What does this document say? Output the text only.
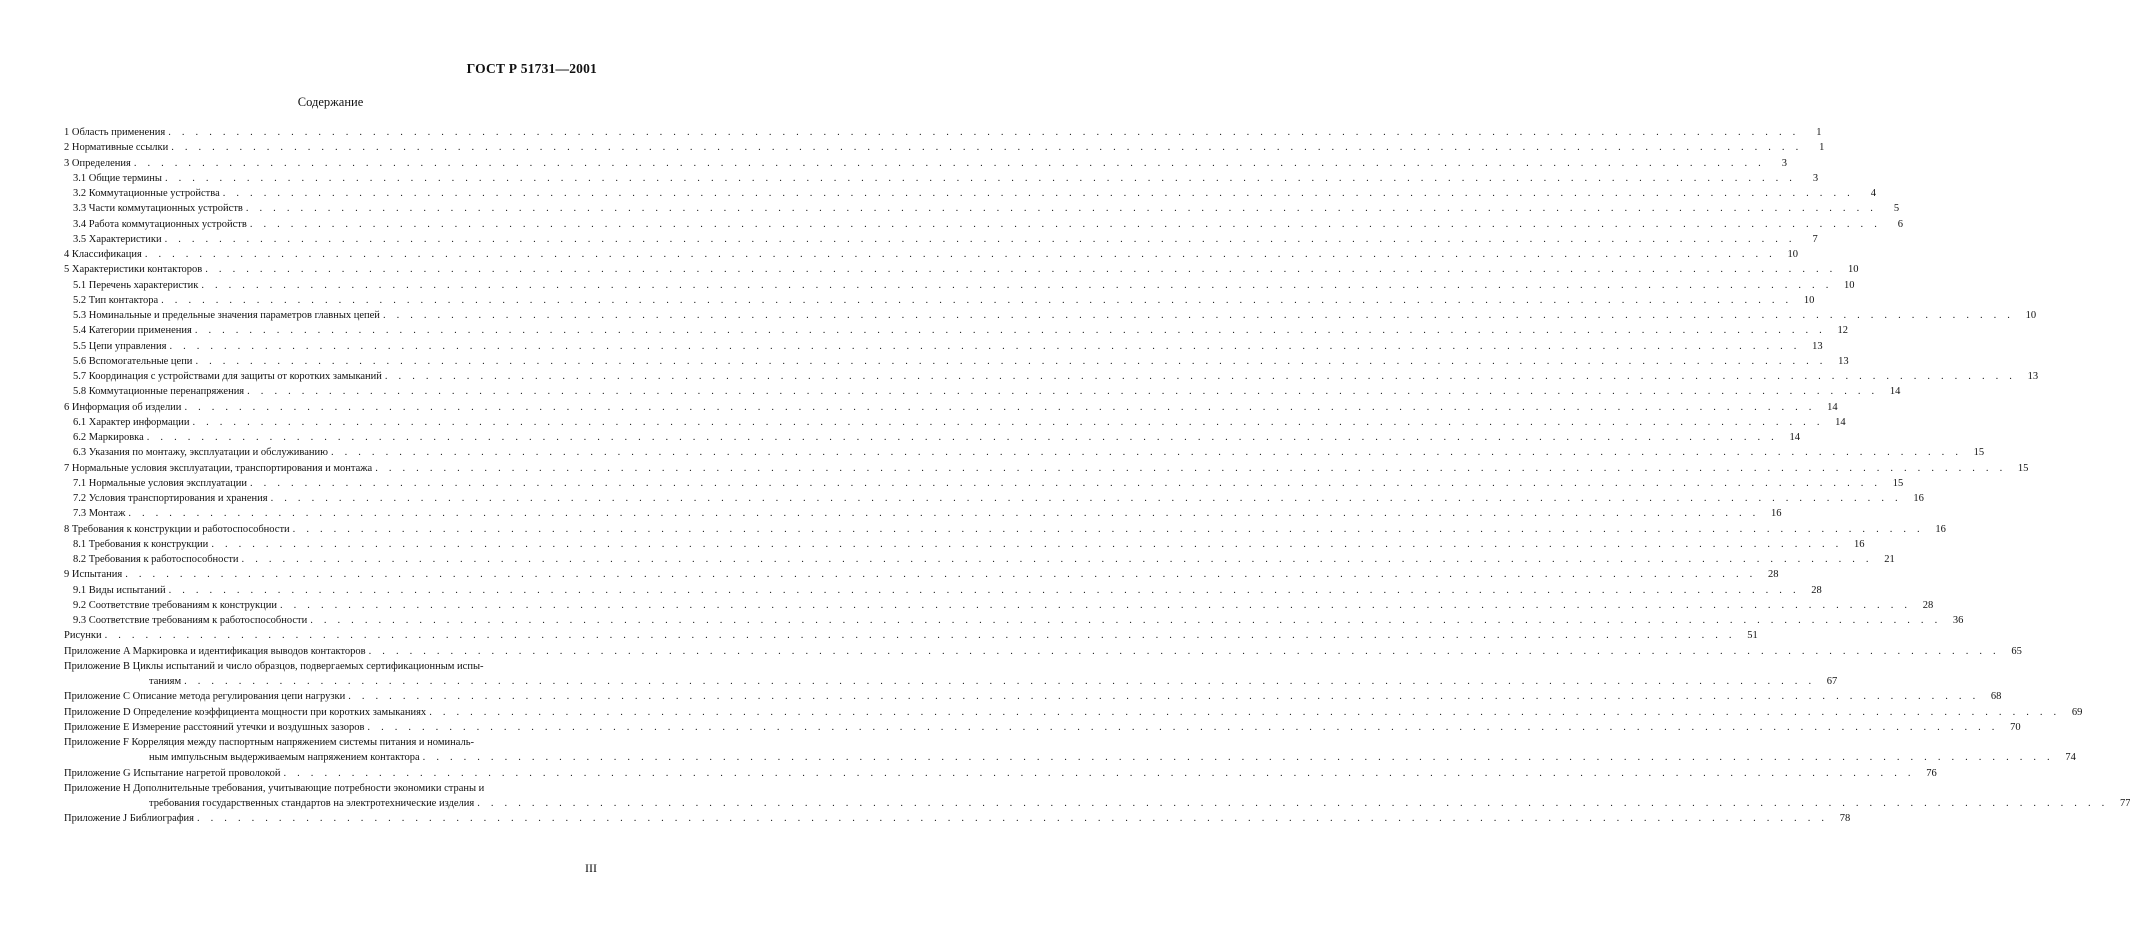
ГОСТ Р 51731—2001
Содержание
1 Область применения . . . . . . . . . . . . . . . . . . . . . . . . . . . . . . . . . . . . . . . . . . . . . . . . . . . . . . . . . . . . . . . . . . . . . . . . . . . . . . . . . . . . . . . . . . . . . . . . . . . . . . . . . . . . . . . . . . . . . . . .	1
2 Нормативные ссылки . . . . . . . . . . . . . . . . . . . . . . . . . . . . . . . . . . . . . . . . . . . . . . . . . . . . . . . . . . . . . . . . . . . . . . . . . . . . . . . . . . . . . . . . . . . . . . . . . . . . . . . . . . . . . . . . . . . . . . . .	1
3 Определения . . . . . . . . . . . . . . . . . . . . . . . . . . . . . . . . . . . . . . . . . . . . . . . . . . . . . . . . . . . . . . . . . . . . . . . . . . . . . . . . . . . . . . . . . . . . . . . . . . . . . . . . . . . . . . . . . . . . . . . .	3
3.1 Общие термины . . . . . . . . . . . . . . . . . . . . . . . . . . . . . . . . . . . . . . . . . . . . . . . . . . . . . . . . . . . . . . . . . . . . . . . . . . . . . . . . . . . . . . . . . . . . . . . . . . . . . . . . . . . . . . . . . . . . . . . .	3
3.2 Коммутационные устройства . . . . . . . . . . . . . . . . . . . . . . . . . . . . . . . . . . . . . . . . . . . . . . . . . . . . . . . . . . . . . . . . . . . . . . . . . . . . . . . . . . . . . . . . . . . . . . . . . . . . . . . . . . . . . . . . . . . . . . . .	4
3.3 Части коммутационных устройств . . . . . . . . . . . . . . . . . . . . . . . . . . . . . . . . . . . . . . . . . . . . . . . . . . . . . . . . . . . . . . . . . . . . . . . . . . . . . . . . . . . . . . . . . . . . . . . . . . . . . . . . . . . . . . . . . . . . . . . .	5
3.4 Работа коммутационных устройств . . . . . . . . . . . . . . . . . . . . . . . . . . . . . . . . . . . . . . . . . . . . . . . . . . . . . . . . . . . . . . . . . . . . . . . . . . . . . . . . . . . . . . . . . . . . . . . . . . . . . . . . . . . . . . . . . . . . . . . .	6
3.5 Характеристики . . . . . . . . . . . . . . . . . . . . . . . . . . . . . . . . . . . . . . . . . . . . . . . . . . . . . . . . . . . . . . . . . . . . . . . . . . . . . . . . . . . . . . . . . . . . . . . . . . . . . . . . . . . . . . . . . . . . . . . .	7
4 Классификация . . . . . . . . . . . . . . . . . . . . . . . . . . . . . . . . . . . . . . . . . . . . . . . . . . . . . . . . . . . . . . . . . . . . . . . . . . . . . . . . . . . . . . . . . . . . . . . . . . . . . . . . . . . . . . . . . . . . . . . .	10
5 Характеристики контакторов . . . . . . . . . . . . . . . . . . . . . . . . . . . . . . . . . . . . . . . . . . . . . . . . . . . . . . . . . . . . . . . . . . . . . . . . . . . . . . . . . . . . . . . . . . . . . . . . . . . . . . . . . . . . . . . . . . . . . . . .	10
5.1 Перечень характеристик . . . . . . . . . . . . . . . . . . . . . . . . . . . . . . . . . . . . . . . . . . . . . . . . . . . . . . . . . . . . . . . . . . . . . . . . . . . . . . . . . . . . . . . . . . . . . . . . . . . . . . . . . . . . . . . . . . . . . . . .	10
5.2 Тип контактора . . . . . . . . . . . . . . . . . . . . . . . . . . . . . . . . . . . . . . . . . . . . . . . . . . . . . . . . . . . . . . . . . . . . . . . . . . . . . . . . . . . . . . . . . . . . . . . . . . . . . . . . . . . . . . . . . . . . . . . .	10
5.3 Номинальные и предельные значения параметров главных цепей . . . . . . . . . . . . . . . . . . . . . . . . . . . . . . . . . . . . . . . . . . . . . . . . . . . . . . . . . . . . . . . . . . . . . . . . . . . . . . . . . . . . . . . . . . . . . . . . . . . . . . . . . . . . . . . . . . . . . . . .	10
5.4 Категории применения . . . . . . . . . . . . . . . . . . . . . . . . . . . . . . . . . . . . . . . . . . . . . . . . . . . . . . . . . . . . . . . . . . . . . . . . . . . . . . . . . . . . . . . . . . . . . . . . . . . . . . . . . . . . . . . . . . . . . . . .	12
5.5 Цепи управления . . . . . . . . . . . . . . . . . . . . . . . . . . . . . . . . . . . . . . . . . . . . . . . . . . . . . . . . . . . . . . . . . . . . . . . . . . . . . . . . . . . . . . . . . . . . . . . . . . . . . . . . . . . . . . . . . . . . . . . .	13
5.6 Вспомогательные цепи . . . . . . . . . . . . . . . . . . . . . . . . . . . . . . . . . . . . . . . . . . . . . . . . . . . . . . . . . . . . . . . . . . . . . . . . . . . . . . . . . . . . . . . . . . . . . . . . . . . . . . . . . . . . . . . . . . . . . . . .	13
5.7 Координация с устройствами для защиты от коротких замыканий . . . . . . . . . . . . . . . . . . . . . . . . . . . . . . . . . . . . . . . . . . . . . . . . . . . . . . . . . . . . . . . . . . . . . . . . . . . . . . . . . . . . . . . . . . . . . . . . . . . . . . . . . . . . . . . . . . . . . . . .	13
5.8 Коммутационные перенапряжения . . . . . . . . . . . . . . . . . . . . . . . . . . . . . . . . . . . . . . . . . . . . . . . . . . . . . . . . . . . . . . . . . . . . . . . . . . . . . . . . . . . . . . . . . . . . . . . . . . . . . . . . . . . . . . . . . . . . . . . .	14
6 Информация об изделии . . . . . . . . . . . . . . . . . . . . . . . . . . . . . . . . . . . . . . . . . . . . . . . . . . . . . . . . . . . . . . . . . . . . . . . . . . . . . . . . . . . . . . . . . . . . . . . . . . . . . . . . . . . . . . . . . . . . . . . .	14
6.1 Характер информации . . . . . . . . . . . . . . . . . . . . . . . . . . . . . . . . . . . . . . . . . . . . . . . . . . . . . . . . . . . . . . . . . . . . . . . . . . . . . . . . . . . . . . . . . . . . . . . . . . . . . . . . . . . . . . . . . . . . . . . .	14
6.2 Маркировка . . . . . . . . . . . . . . . . . . . . . . . . . . . . . . . . . . . . . . . . . . . . . . . . . . . . . . . . . . . . . . . . . . . . . . . . . . . . . . . . . . . . . . . . . . . . . . . . . . . . . . . . . . . . . . . . . . . . . . . .	14
6.3 Указания по монтажу, эксплуатации и обслуживанию . . . . . . . . . . . . . . . . . . . . . . . . . . . . . . . . . . . . . . . . . . . . . . . . . . . . . . . . . . . . . . . . . . . . . . . . . . . . . . . . . . . . . . . . . . . . . . . . . . . . . . . . . . . . . . . . . . . . . . . .	15
7 Нормальные условия эксплуатации, транспортирования и монтажа . . . . . . . . . . . . . . . . . . . . . . . . . . . . . . . . . . . . . . . . . . . . . . . . . . . . . . . . . . . . . . . . . . . . . . . . . . . . . . . . . . . . . . . . . . . . . . . . . . . . . . . . . . . . . . . . . . . . . . . .	15
7.1 Нормальные условия эксплуатации . . . . . . . . . . . . . . . . . . . . . . . . . . . . . . . . . . . . . . . . . . . . . . . . . . . . . . . . . . . . . . . . . . . . . . . . . . . . . . . . . . . . . . . . . . . . . . . . . . . . . . . . . . . . . . . . . . . . . . . .	15
7.2 Условия транспортирования и хранения . . . . . . . . . . . . . . . . . . . . . . . . . . . . . . . . . . . . . . . . . . . . . . . . . . . . . . . . . . . . . . . . . . . . . . . . . . . . . . . . . . . . . . . . . . . . . . . . . . . . . . . . . . . . . . . . . . . . . . . .	16
7.3 Монтаж . . . . . . . . . . . . . . . . . . . . . . . . . . . . . . . . . . . . . . . . . . . . . . . . . . . . . . . . . . . . . . . . . . . . . . . . . . . . . . . . . . . . . . . . . . . . . . . . . . . . . . . . . . . . . . . . . . . . . . . .	16
8 Требования к конструкции и работоспособности . . . . . . . . . . . . . . . . . . . . . . . . . . . . . . . . . . . . . . . . . . . . . . . . . . . . . . . . . . . . . . . . . . . . . . . . . . . . . . . . . . . . . . . . . . . . . . . . . . . . . . . . . . . . . . . . . . . . . . . .	16
8.1 Требования к конструкции . . . . . . . . . . . . . . . . . . . . . . . . . . . . . . . . . . . . . . . . . . . . . . . . . . . . . . . . . . . . . . . . . . . . . . . . . . . . . . . . . . . . . . . . . . . . . . . . . . . . . . . . . . . . . . . . . . . . . . . .	16
8.2 Требования к работоспособности . . . . . . . . . . . . . . . . . . . . . . . . . . . . . . . . . . . . . . . . . . . . . . . . . . . . . . . . . . . . . . . . . . . . . . . . . . . . . . . . . . . . . . . . . . . . . . . . . . . . . . . . . . . . . . . . . . . . . . . .	21
9 Испытания . . . . . . . . . . . . . . . . . . . . . . . . . . . . . . . . . . . . . . . . . . . . . . . . . . . . . . . . . . . . . . . . . . . . . . . . . . . . . . . . . . . . . . . . . . . . . . . . . . . . . . . . . . . . . . . . . . . . . . . .	28
9.1 Виды испытаний . . . . . . . . . . . . . . . . . . . . . . . . . . . . . . . . . . . . . . . . . . . . . . . . . . . . . . . . . . . . . . . . . . . . . . . . . . . . . . . . . . . . . . . . . . . . . . . . . . . . . . . . . . . . . . . . . . . . . . . .	28
9.2 Соответствие требованиям к конструкции . . . . . . . . . . . . . . . . . . . . . . . . . . . . . . . . . . . . . . . . . . . . . . . . . . . . . . . . . . . . . . . . . . . . . . . . . . . . . . . . . . . . . . . . . . . . . . . . . . . . . . . . . . . . . . . . . . . . . . . .	28
9.3 Соответствие требованиям к работоспособности . . . . . . . . . . . . . . . . . . . . . . . . . . . . . . . . . . . . . . . . . . . . . . . . . . . . . . . . . . . . . . . . . . . . . . . . . . . . . . . . . . . . . . . . . . . . . . . . . . . . . . . . . . . . . . . . . . . . . . . .	36
Рисунки . . . . . . . . . . . . . . . . . . . . . . . . . . . . . . . . . . . . . . . . . . . . . . . . . . . . . . . . . . . . . . . . . . . . . . . . . . . . . . . . . . . . . . . . . . . . . . . . . . . . . . . . . . . . . . . . . . . . . . . .	51
Приложение A Маркировка и идентификация выводов контакторов . . . . . . . . . . . . . . . . . . . . . . . . . . . . . . . . . . . . . . . . . . . . . . . . . . . . . . . . . . . . . . . . . . . . . . . . . . . . . . . . . . . . . . . . . . . . . . . . . . . . . . . . . . . . . . . . . . . . . . . .	65
Приложение B Циклы испытаний и число образцов, подвергаемых сертификационным испы-
таниям . . . . . . . . . . . . . . . . . . . . . . . . . . . . . . . . . . . . . . . . . . . . . . . . . . . . . . . . . . . . . . . . . . . . . . . . . . . . . . . . . . . . . . . . . . . . . . . . . . . . . . . . . . . . . . . . . . . . . . . .	67
Приложение C Описание метода регулирования цепи нагрузки . . . . . . . . . . . . . . . . . . . . . . . . . . . . . . . . . . . . . . . . . . . . . . . . . . . . . . . . . . . . . . . . . . . . . . . . . . . . . . . . . . . . . . . . . . . . . . . . . . . . . . . . . . . . . . . . . . . . . . . .	68
Приложение D Определение коэффициента мощности при коротких замыканиях . . . . . . . . . . . . . . . . . . . . . . . . . . . . . . . . . . . . . . . . . . . . . . . . . . . . . . . . . . . . . . . . . . . . . . . . . . . . . . . . . . . . . . . . . . . . . . . . . . . . . . . . . . . . . . . . . . . . . . . .	69
Приложение E Измерение расстояний утечки и воздушных зазоров . . . . . . . . . . . . . . . . . . . . . . . . . . . . . . . . . . . . . . . . . . . . . . . . . . . . . . . . . . . . . . . . . . . . . . . . . . . . . . . . . . . . . . . . . . . . . . . . . . . . . . . . . . . . . . . . . . . . . . . .	70
Приложение F Корреляция между паспортным напряжением системы питания и номиналь-
ным импульсным выдерживаемым напряжением контактора . . . . . . . . . . . . . . . . . . . . . . . . . . . . . . . . . . . . . . . . . . . . . . . . . . . . . . . . . . . . . . . . . . . . . . . . . . . . . . . . . . . . . . . . . . . . . . . . . . . . . . . . . . . . . . . . . . . . . . . .	74
Приложение G Испытание нагретой проволокой . . . . . . . . . . . . . . . . . . . . . . . . . . . . . . . . . . . . . . . . . . . . . . . . . . . . . . . . . . . . . . . . . . . . . . . . . . . . . . . . . . . . . . . . . . . . . . . . . . . . . . . . . . . . . . . . . . . . . . . .	76
Приложение H Дополнительные требования, учитывающие потребности экономики страны и
требования государственных стандартов на электротехнические изделия . . . . . . . . . . . . . . . . . . . . . . . . . . . . . . . . . . . . . . . . . . . . . . . . . . . . . . . . . . . . . . . . . . . . . . . . . . . . . . . . . . . . . . . . . . . . . . . . . . . . . . . . . . . . . . . . . . . . . . . .	77
Приложение J Библиография . . . . . . . . . . . . . . . . . . . . . . . . . . . . . . . . . . . . . . . . . . . . . . . . . . . . . . . . . . . . . . . . . . . . . . . . . . . . . . . . . . . . . . . . . . . . . . . . . . . . . . . . . . . . . . . . . . . . . . . .	78
III
